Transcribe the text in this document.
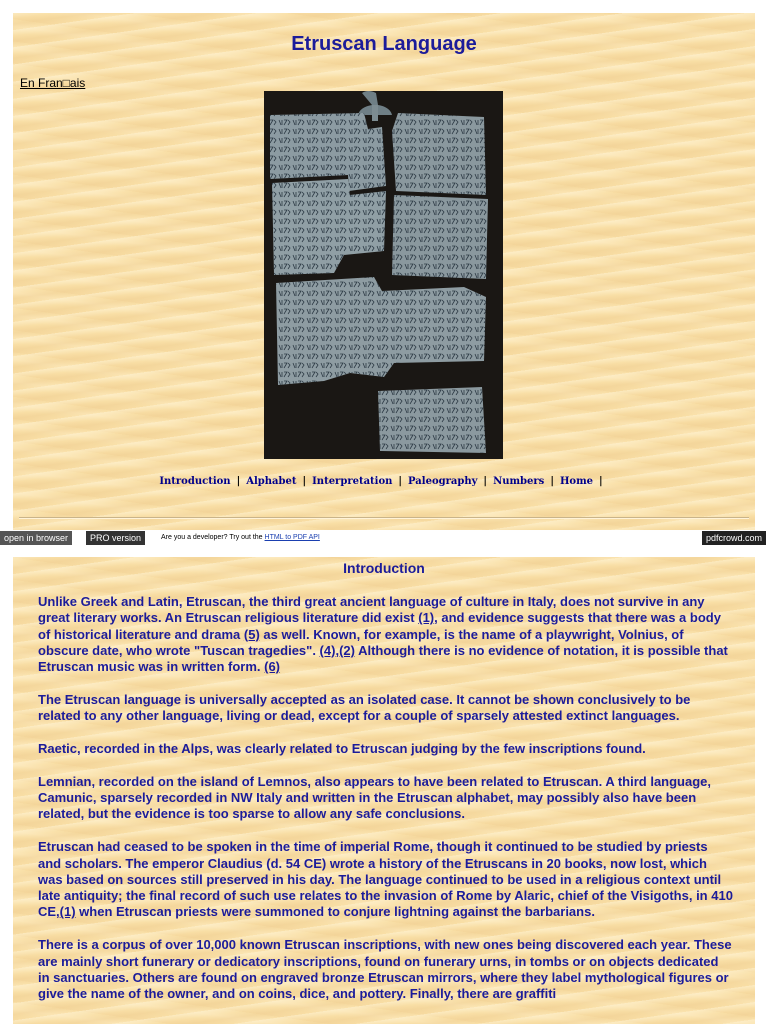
Etruscan Language
En Fran□ais
Introduction | Alphabet | Interpretation | Paleography | Numbers | Home |
open in browser	PRO version	Are you a developer? Try out the HTML to PDF API	pdfcrowd.com
Introduction

Unlike Greek and Latin, Etruscan, the third great ancient language of culture in Italy, does not survive in any great literary works. An Etruscan religious literature did exist (1), and evidence suggests that there was a body of historical literature and drama (5) as well. Known, for example, is the name of a playwright, Volnius, of obscure date, who wrote "Tuscan tragedies". (4),(2) Although there is no evidence of notation, it is possible that Etruscan music was in written form. (6)

The Etruscan language is universally accepted as an isolated case. It cannot be shown conclusively to be related to any other language, living or dead, except for a couple of sparsely attested extinct languages.

Raetic, recorded in the Alps, was clearly related to Etruscan judging by the few inscriptions found.

Lemnian, recorded on the island of Lemnos, also appears to have been related to Etruscan. A third language, Camunic, sparsely recorded in NW Italy and written in the Etruscan alphabet, may possibly also have been related, but the evidence is too sparse to allow any safe conclusions.

Etruscan had ceased to be spoken in the time of imperial Rome, though it continued to be studied by priests and scholars. The emperor Claudius (d. 54 CE) wrote a history of the Etruscans in 20 books, now lost, which was based on sources still preserved in his day. The language continued to be used in a religious context until late antiquity; the final record of such use relates to the invasion of Rome by Alaric, chief of the Visigoths, in 410 CE,(1) when Etruscan priests were summoned to conjure lightning against the barbarians.

There is a corpus of over 10,000 known Etruscan inscriptions, with new ones being discovered each year. These are mainly short funerary or dedicatory inscriptions, found on funerary urns, in tombs or on objects dedicated in sanctuaries. Others are found on engraved bronze Etruscan mirrors, where they label mythological figures or give the name of the owner, and on coins, dice, and pottery. Finally, there are graffiti
